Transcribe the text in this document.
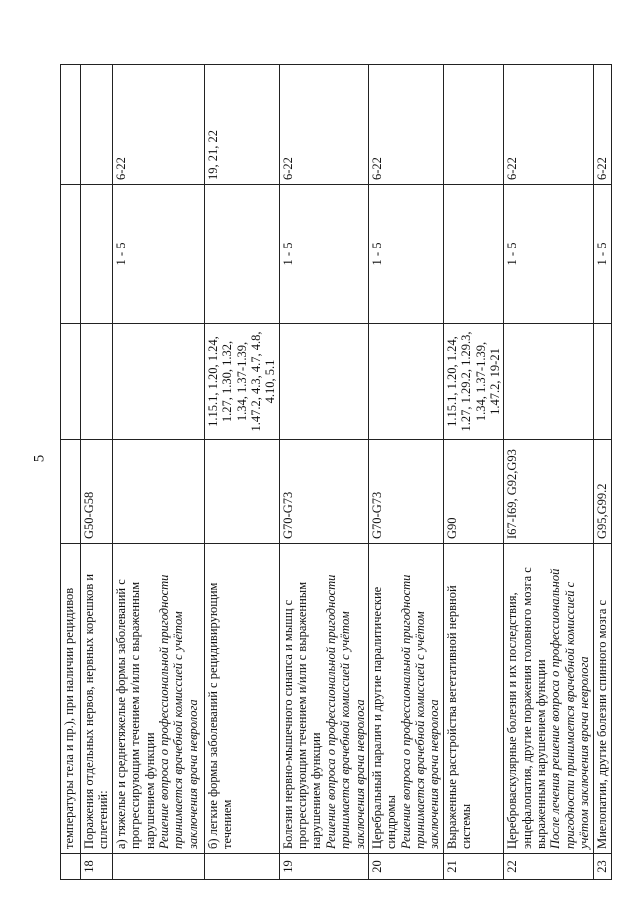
5
	температуры тела и пр.), при наличии рецидивов				
18	Поражения отдельных нервов, нервных корешков и сплетений:	G50-G58			
	а) тяжелые и среднетяжелые формы заболеваний с прогрессирующим течением и/или с выраженным нарушением функции Решение вопроса о профессиональной пригодности принимается врачебной комиссией с учётом заключения врача невролога			1 - 5	6-22
	б) легкие формы заболеваний с рецидивирующим течением		1.15.1, 1.20, 1.24, 1.27, 1.30, 1.32, 1.34, 1.37-1.39, 1.47.2, 4.3, 4.7, 4.8, 4.10, 5.1		19, 21, 22
19	Болезни нервно-мышечного синапса и мышц с прогрессирующим течением и/или с выраженным нарушением функции Решение вопроса о профессиональной пригодности принимается врачебной комиссией с учётом заключения врача невролога	G70-G73		1 - 5	6-22
20	Церебральный паралич и другие паралитические синдромы Решение вопроса о профессиональной пригодности принимается врачебной комиссией с учётом заключения врача невролога	G70-G73		1 - 5	6-22
21	Выраженные расстройства вегетативной нервной системы	G90	1.15.1, 1.20, 1.24, 1.27, 1.29.2, 1.29.3, 1.34, 1.37-1.39, 1.47.2, 19-21		
22	Цереброваскулярные болезни и их последствия, энцефалопатия, другие поражения головного мозга с выраженным нарушением функции После лечения решение вопроса о профессиональной пригодности принимается врачебной комиссией с учётом заключения врача невролога	I67-I69, G92,G93		1 - 5	6-22
23	Миелопатии, другие болезни спинного мозга с	G95,G99.2		1 - 5	6-22
